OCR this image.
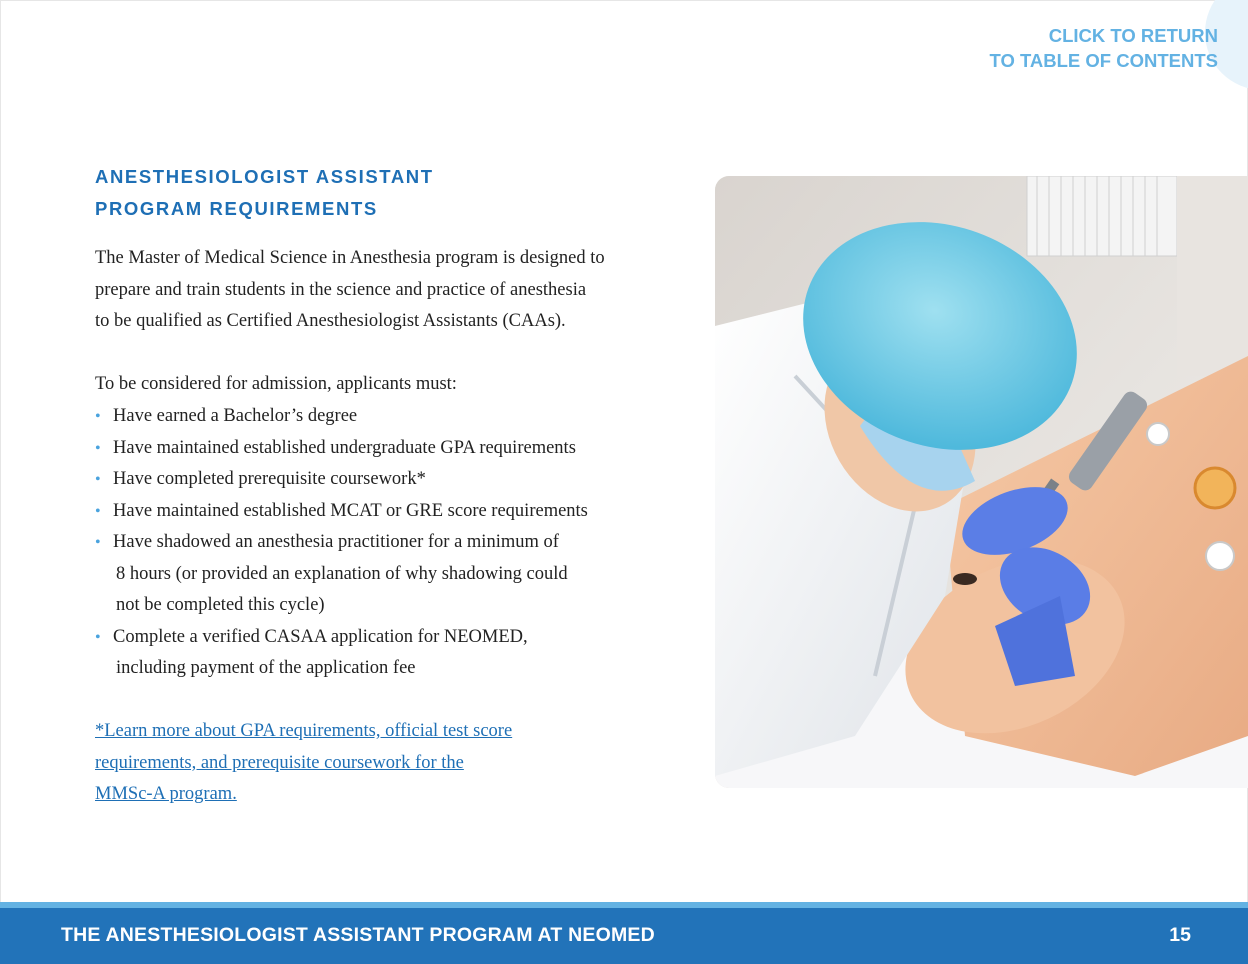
CLICK TO RETURN
TO TABLE OF CONTENTS
ANESTHESIOLOGIST ASSISTANT
PROGRAM REQUIREMENTS

The Master of Medical Science in Anesthesia program is designed to
prepare and train students in the science and practice of anesthesia
to be qualified as Certified Anesthesiologist Assistants (CAAs).

To be considered for admission, applicants must:

• Have earned a Bachelor’s degree
• Have maintained established undergraduate GPA requirements
• Have completed prerequisite coursework*
• Have maintained established MCAT or GRE score requirements
• Have shadowed an anesthesia practitioner for a minimum of
8 hours (or provided an explanation of why shadowing could
not be completed this cycle)
• Complete a verified CASAA application for NEOMED,
including payment of the application fee
*Learn more about GPA requirements, official test score
requirements, and prerequisite coursework for the
MMSc-A program.
THE ANESTHESIOLOGIST ASSISTANT PROGRAM AT NEOMED	15
